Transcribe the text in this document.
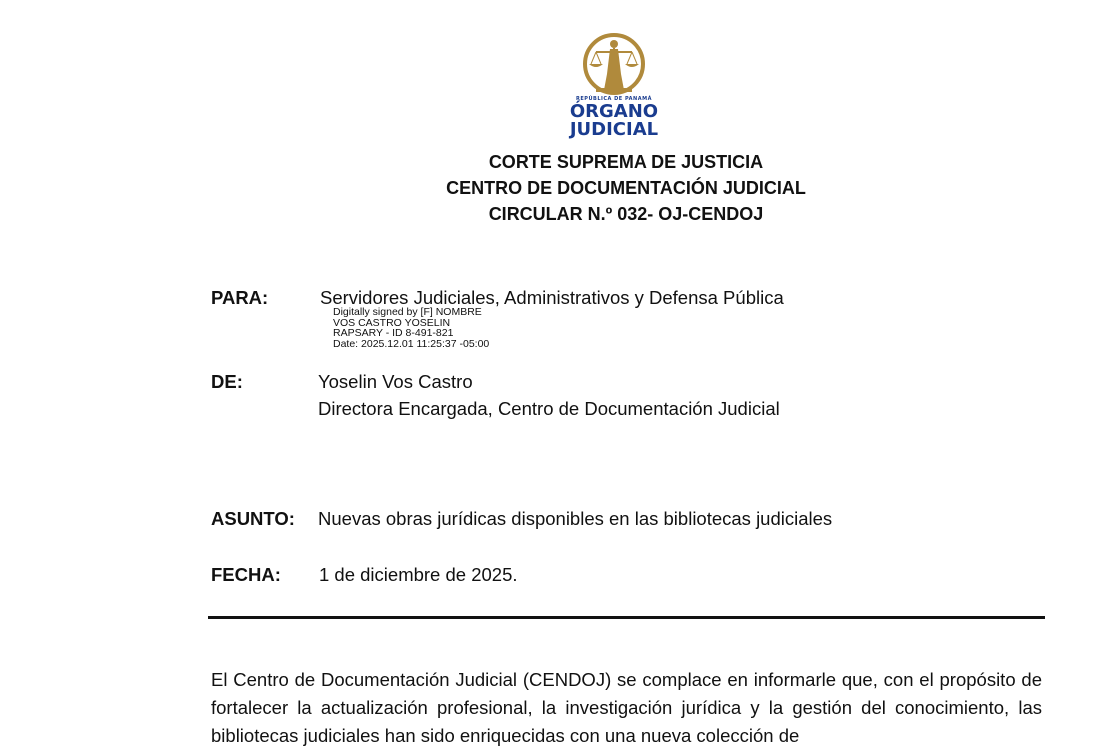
REPÚBLICA DE PANAMÁ
ÓRGANO
JUDICIAL
CORTE SUPREMA DE JUSTICIA
CENTRO DE DOCUMENTACIÓN JUDICIAL
CIRCULAR N.º 032- OJ-CENDOJ
PARA:	Servidores Judiciales, Administrativos y Defensa Pública
Digitally signed by [F] NOMBRE
VOS CASTRO YOSELIN
RAPSARY - ID 8-491-821
Date: 2025.12.01 11:25:37 -05:00
DE:	Yoselin Vos Castro
Directora Encargada, Centro de Documentación Judicial
ASUNTO: Nuevas obras jurídicas disponibles en las bibliotecas judiciales
FECHA: 1 de diciembre de 2025.
El Centro de Documentación Judicial (CENDOJ) se complace en informarle que, con el propósito de fortalecer la actualización profesional, la investigación jurídica y la gestión del conocimiento, las bibliotecas judiciales han sido enriquecidas con una nueva colección de
